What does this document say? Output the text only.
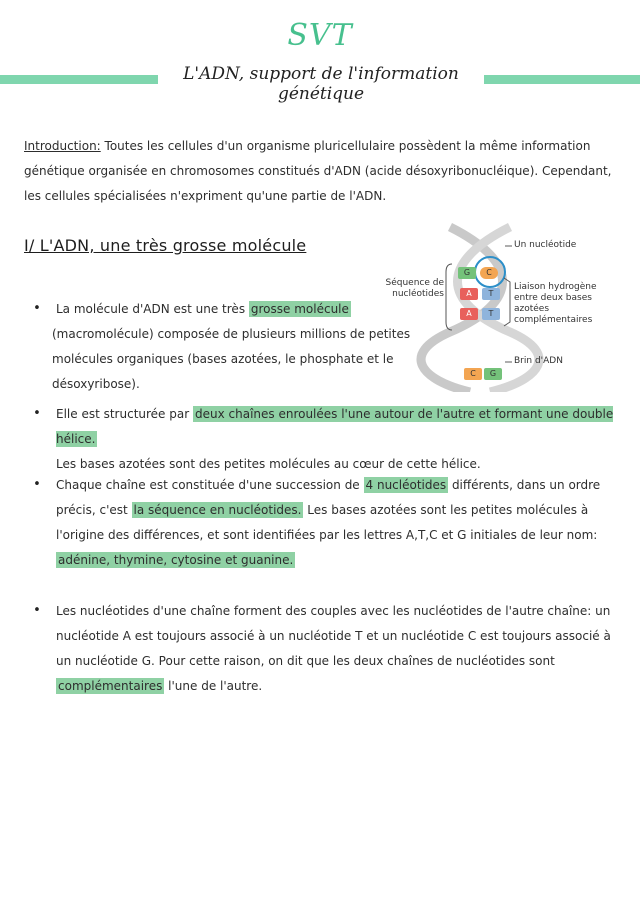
SVT
L'ADN, support de l'information génétique
Introduction: Toutes les cellules d'un organisme pluricellulaire possèdent la même information génétique organisée en chromosomes constitués d'ADN (acide désoxyribonucléique). Cependant, les cellules spécialisées n'expriment qu'une partie de l'ADN.
I/ L'ADN, une très grosse molécule
G	C
A	T
A	T
C	G
Un nucléotide
Séquence de nucléotides
Liaison hydrogène entre deux bases azotées complémentaires
Brin d'ADN
• La molécule d'ADN est une très grosse molécule
(macromolécule) composée de plusieurs millions de petites molécules organiques (bases azotées, le phosphate et le désoxyribose).
• Elle est structurée par deux chaînes enroulées l'une autour de l'autre et formant une double hélice.
Les bases azotées sont des petites molécules au cœur de cette hélice.
• Chaque chaîne est constituée d'une succession de 4 nucléotides différents, dans un ordre précis, c'est la séquence en nucléotides. Les bases azotées sont les petites molécules à l'origine des différences, et sont identifiées par les lettres A,T,C et G initiales de leur nom: adénine, thymine, cytosine et guanine.
• Les nucléotides d'une chaîne forment des couples avec les nucléotides de l'autre chaîne: un nucléotide A est toujours associé à un nucléotide T et un nucléotide C est toujours associé à un nucléotide G. Pour cette raison, on dit que les deux chaînes de nucléotides sont complémentaires l'une de l'autre.
